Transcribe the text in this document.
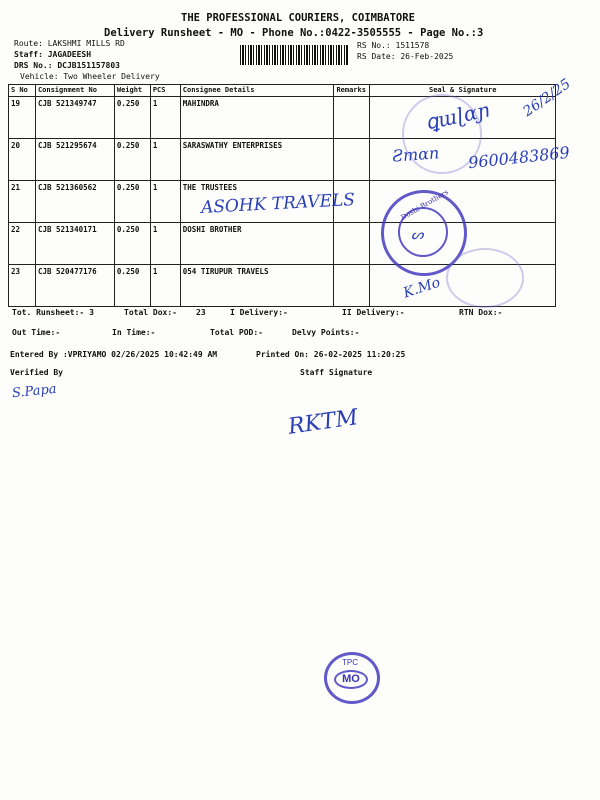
THE PROFESSIONAL COURIERS, COIMBATORE
Delivery Runsheet - MO - Phone No.:0422-3505555 - Page No.:3
Route: LAKSHMI MILLS RD
Staff: JAGADEESH
DRS No.: DCJB151157803
Vehicle: Two Wheeler Delivery
RS No.: 1511578
RS Date: 26-Feb-2025
S No	Consignment No	Weight	PCS	Consignee Details	Remarks	Seal & Signature
19	CJB 521349747	0.250	1	MAHINDRA		
20	CJB 521295674	0.250	1	SARASWATHY ENTERPRISES		
21	CJB 521360562	0.250	1	THE TRUSTEES		
22	CJB 521340171	0.250	1	DOSHI BROTHER		
23	CJB 520477176	0.250	1	054 TIRUPUR TRAVELS		
ꝗɯɭɑɲ 26/2/25
Ƨmɑn 9600483869
ASOHK TRAVELS	Doshi Brothers
ᔕ
K.Mo
Tot. Runsheet:- 3	Total Dox:- 23	I Delivery:-	II Delivery:-	RTN Dox:-
Out Time:-	In Time:-	Total POD:-	Delvy Points:-
Entered By :VPRIYAMO 02/26/2025 10:42:49 AM	Printed On: 26-02-2025 11:20:25
Verified By	Staff Signature
S.Papa
RKTM
TPC
MO
